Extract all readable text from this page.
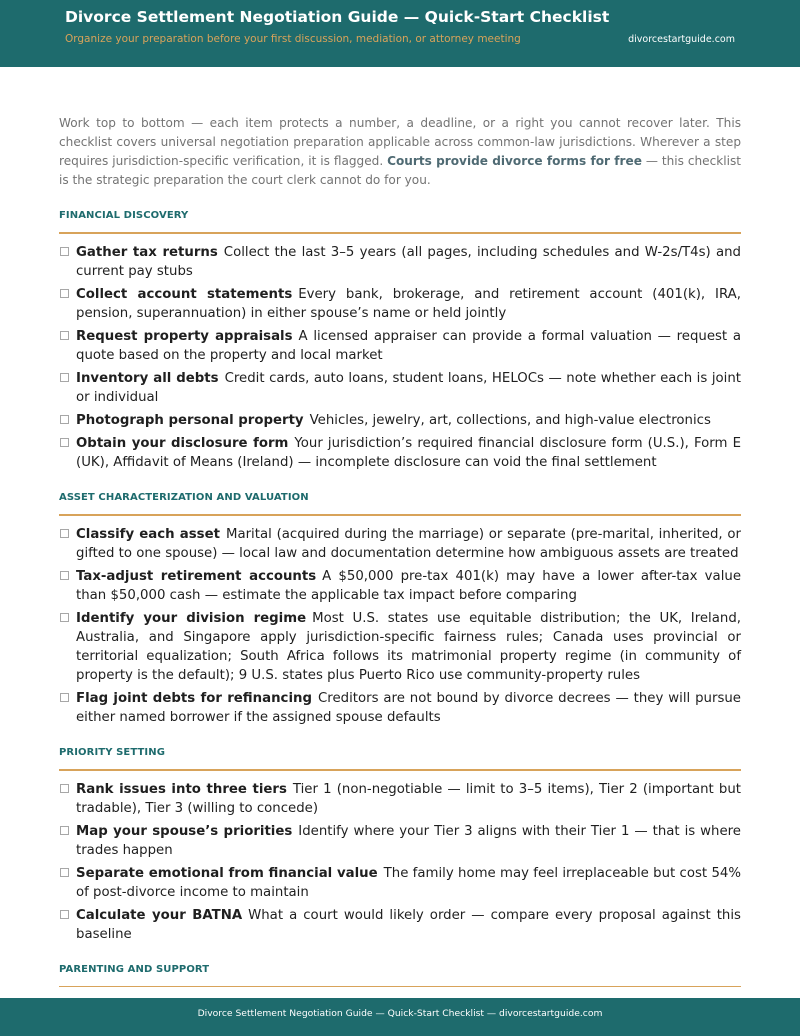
Divorce Settlement Negotiation Guide — Quick-Start Checklist
Organize your preparation before your first discussion, mediation, or attorney meeting	divorcestartguide.com

Work top to bottom — each item protects a number, a deadline, or a right you cannot recover later. This checklist covers universal negotiation preparation applicable across common-law jurisdictions. Wherever a step requires jurisdiction-specific verification, it is flagged. Courts provide divorce forms for free — this checklist is the strategic preparation the court clerk cannot do for you.

FINANCIAL DISCOVERY
Gather tax returns Collect the last 3–5 years (all pages, including schedules and W-2s/T4s) and current pay stubs
Collect account statements Every bank, brokerage, and retirement account (401(k), IRA, pension, superannuation) in either spouse’s name or held jointly
Request property appraisals A licensed appraiser can provide a formal valuation — request a quote based on the property and local market
Inventory all debts Credit cards, auto loans, student loans, HELOCs — note whether each is joint or individual
Photograph personal property Vehicles, jewelry, art, collections, and high-value electronics
Obtain your disclosure form Your jurisdiction’s required financial disclosure form (U.S.), Form E (UK), Affidavit of Means (Ireland) — incomplete disclosure can void the final settlement
ASSET CHARACTERIZATION AND VALUATION
Classify each asset Marital (acquired during the marriage) or separate (pre-marital, inherited, or gifted to one spouse) — local law and documentation determine how ambiguous assets are treated
Tax-adjust retirement accounts A $50,000 pre-tax 401(k) may have a lower after-tax value than $50,000 cash — estimate the applicable tax impact before comparing
Identify your division regime Most U.S. states use equitable distribution; the UK, Ireland, Australia, and Singapore apply jurisdiction-specific fairness rules; Canada uses provincial or territorial equalization; South Africa follows its matrimonial property regime (in community of property is the default); 9 U.S. states plus Puerto Rico use community-property rules
Flag joint debts for refinancing Creditors are not bound by divorce decrees — they will pursue either named borrower if the assigned spouse defaults
PRIORITY SETTING
Rank issues into three tiers Tier 1 (non-negotiable — limit to 3–5 items), Tier 2 (important but tradable), Tier 3 (willing to concede)
Map your spouse’s priorities Identify where your Tier 3 aligns with their Tier 1 — that is where trades happen
Separate emotional from financial value The family home may feel irreplaceable but cost 54% of post-divorce income to maintain
Calculate your BATNA What a court would likely order — compare every proposal against this baseline
PARENTING AND SUPPORT
Divorce Settlement Negotiation Guide — Quick-Start Checklist — divorcestartguide.com
